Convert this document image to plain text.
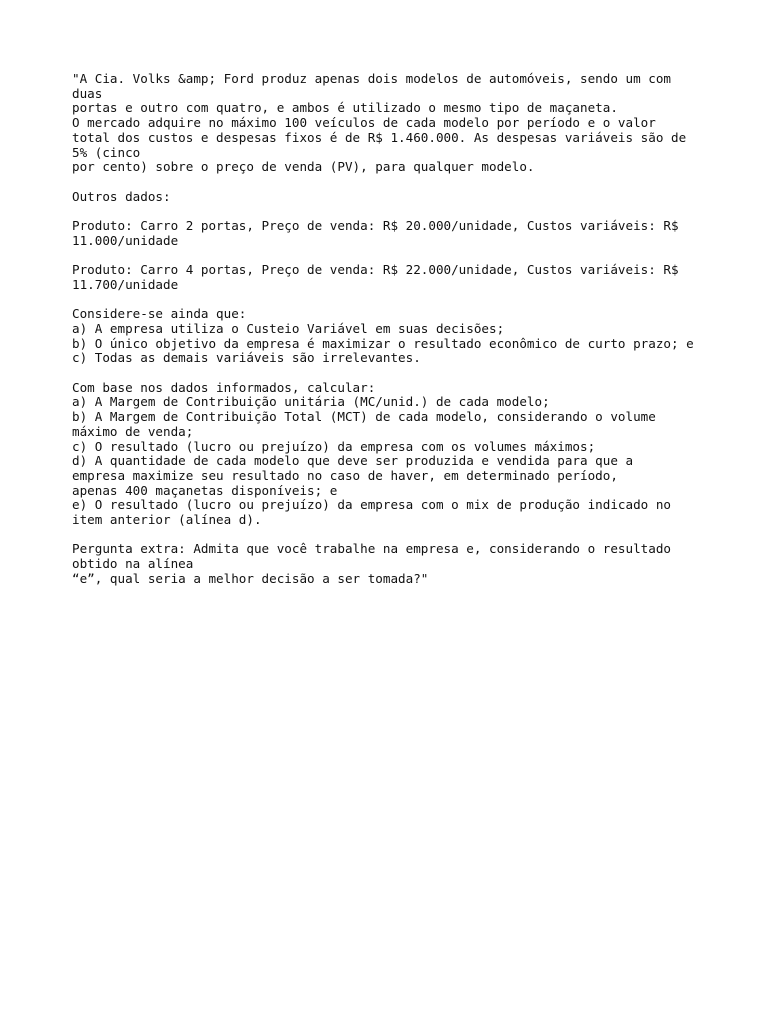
"A Cia. Volks &amp; Ford produz apenas dois modelos de automóveis, sendo um com
duas
portas e outro com quatro, e ambos é utilizado o mesmo tipo de maçaneta.
O mercado adquire no máximo 100 veículos de cada modelo por período e o valor
total dos custos e despesas fixos é de R$ 1.460.000. As despesas variáveis são de
5% (cinco
por cento) sobre o preço de venda (PV), para qualquer modelo.
Outros dados:
Produto: Carro 2 portas, Preço de venda: R$ 20.000/unidade, Custos variáveis: R$
11.000/unidade
Produto: Carro 4 portas, Preço de venda: R$ 22.000/unidade, Custos variáveis: R$
11.700/unidade
Considere-se ainda que:
a) A empresa utiliza o Custeio Variável em suas decisões;
b) O único objetivo da empresa é maximizar o resultado econômico de curto prazo; e
c) Todas as demais variáveis são irrelevantes.
Com base nos dados informados, calcular:
a) A Margem de Contribuição unitária (MC/unid.) de cada modelo;
b) A Margem de Contribuição Total (MCT) de cada modelo, considerando o volume
máximo de venda;
c) O resultado (lucro ou prejuízo) da empresa com os volumes máximos;
d) A quantidade de cada modelo que deve ser produzida e vendida para que a
empresa maximize seu resultado no caso de haver, em determinado período,
apenas 400 maçanetas disponíveis; e
e) O resultado (lucro ou prejuízo) da empresa com o mix de produção indicado no
item anterior (alínea d).
Pergunta extra: Admita que você trabalhe na empresa e, considerando o resultado
obtido na alínea
“e”, qual seria a melhor decisão a ser tomada?"
